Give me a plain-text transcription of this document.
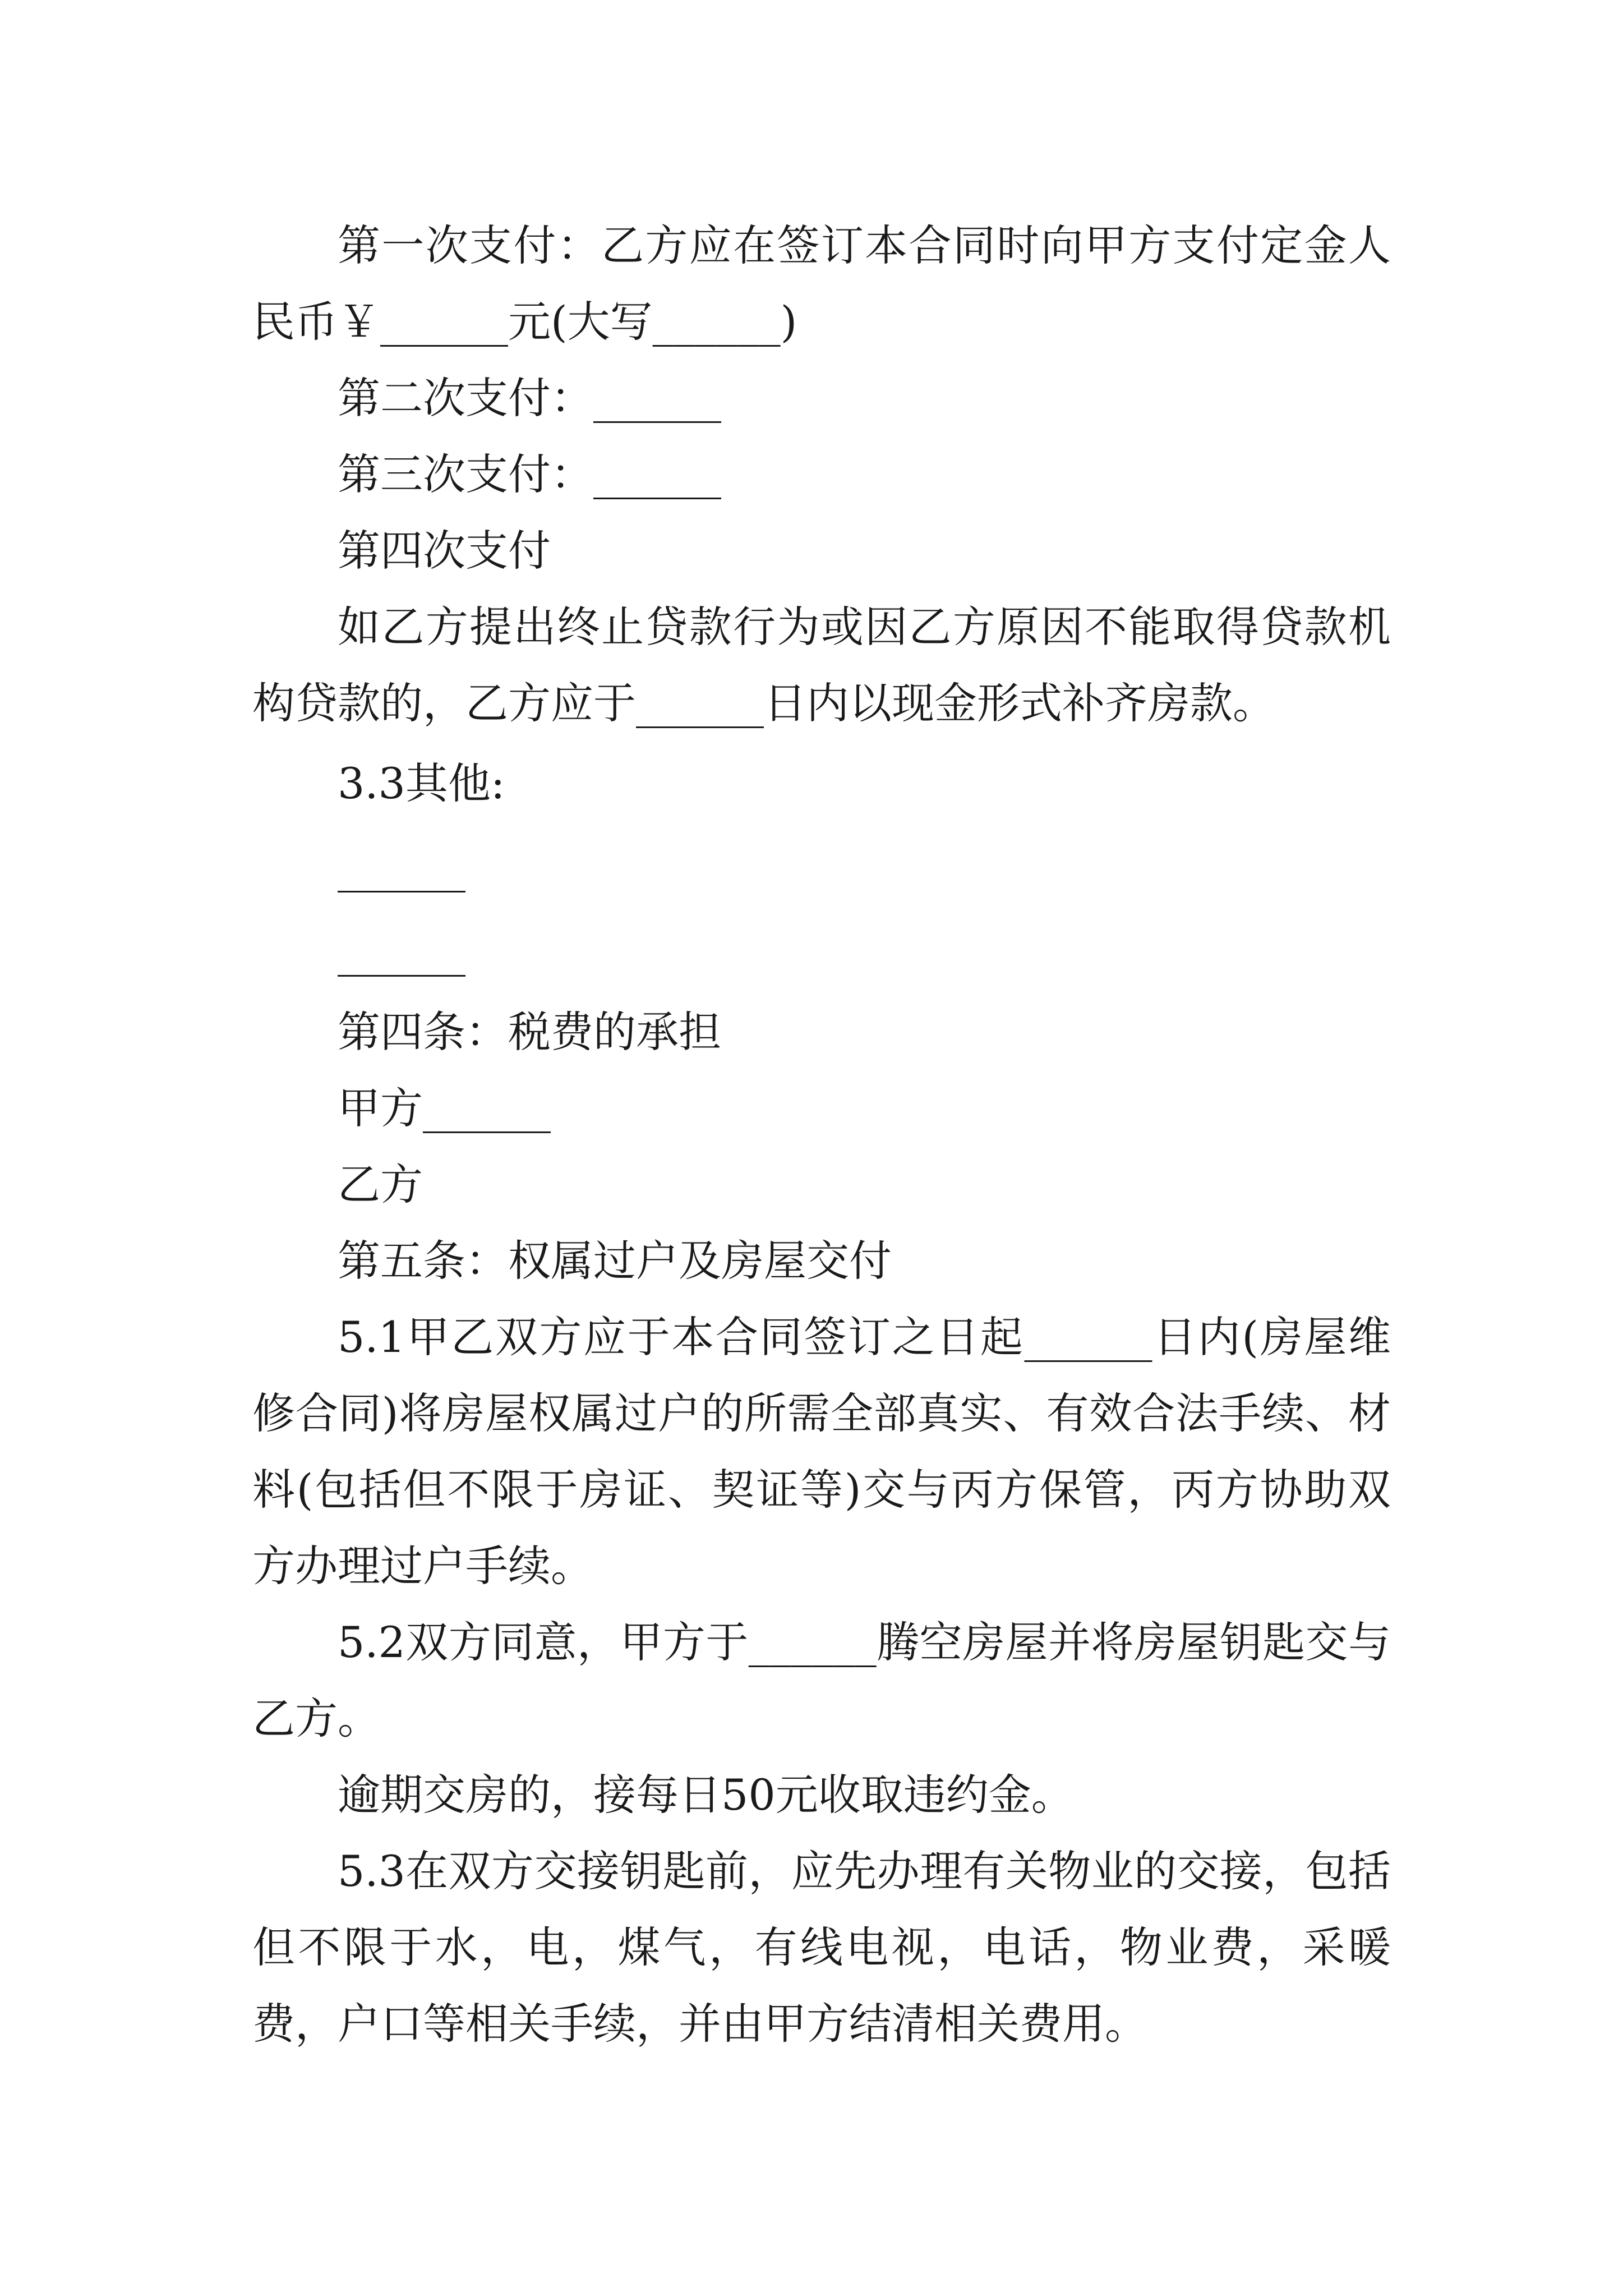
第一次支付：乙方应在签订本合同时向甲方支付定金人民币￥______元(大写______)

第二次支付：______

第三次支付：______

第四次支付

如乙方提出终止贷款行为或因乙方原因不能取得贷款机构贷款的，乙方应于______日内以现金形式补齐房款。

3.3其他:

______

______

第四条：税费的承担

甲方______

乙方

第五条：权属过户及房屋交付

5.1甲乙双方应于本合同签订之日起______日内(房屋维修合同)将房屋权属过户的所需全部真实、有效合法手续、材料(包括但不限于房证、契证等)交与丙方保管，丙方协助双方办理过户手续。

5.2双方同意，甲方于______腾空房屋并将房屋钥匙交与乙方。

逾期交房的，接每日50元收取违约金。

5.3在双方交接钥匙前，应先办理有关物业的交接，包括但不限于水，电，煤气，有线电视，电话，物业费，采暖费，户口等相关手续，并由甲方结清相关费用。
